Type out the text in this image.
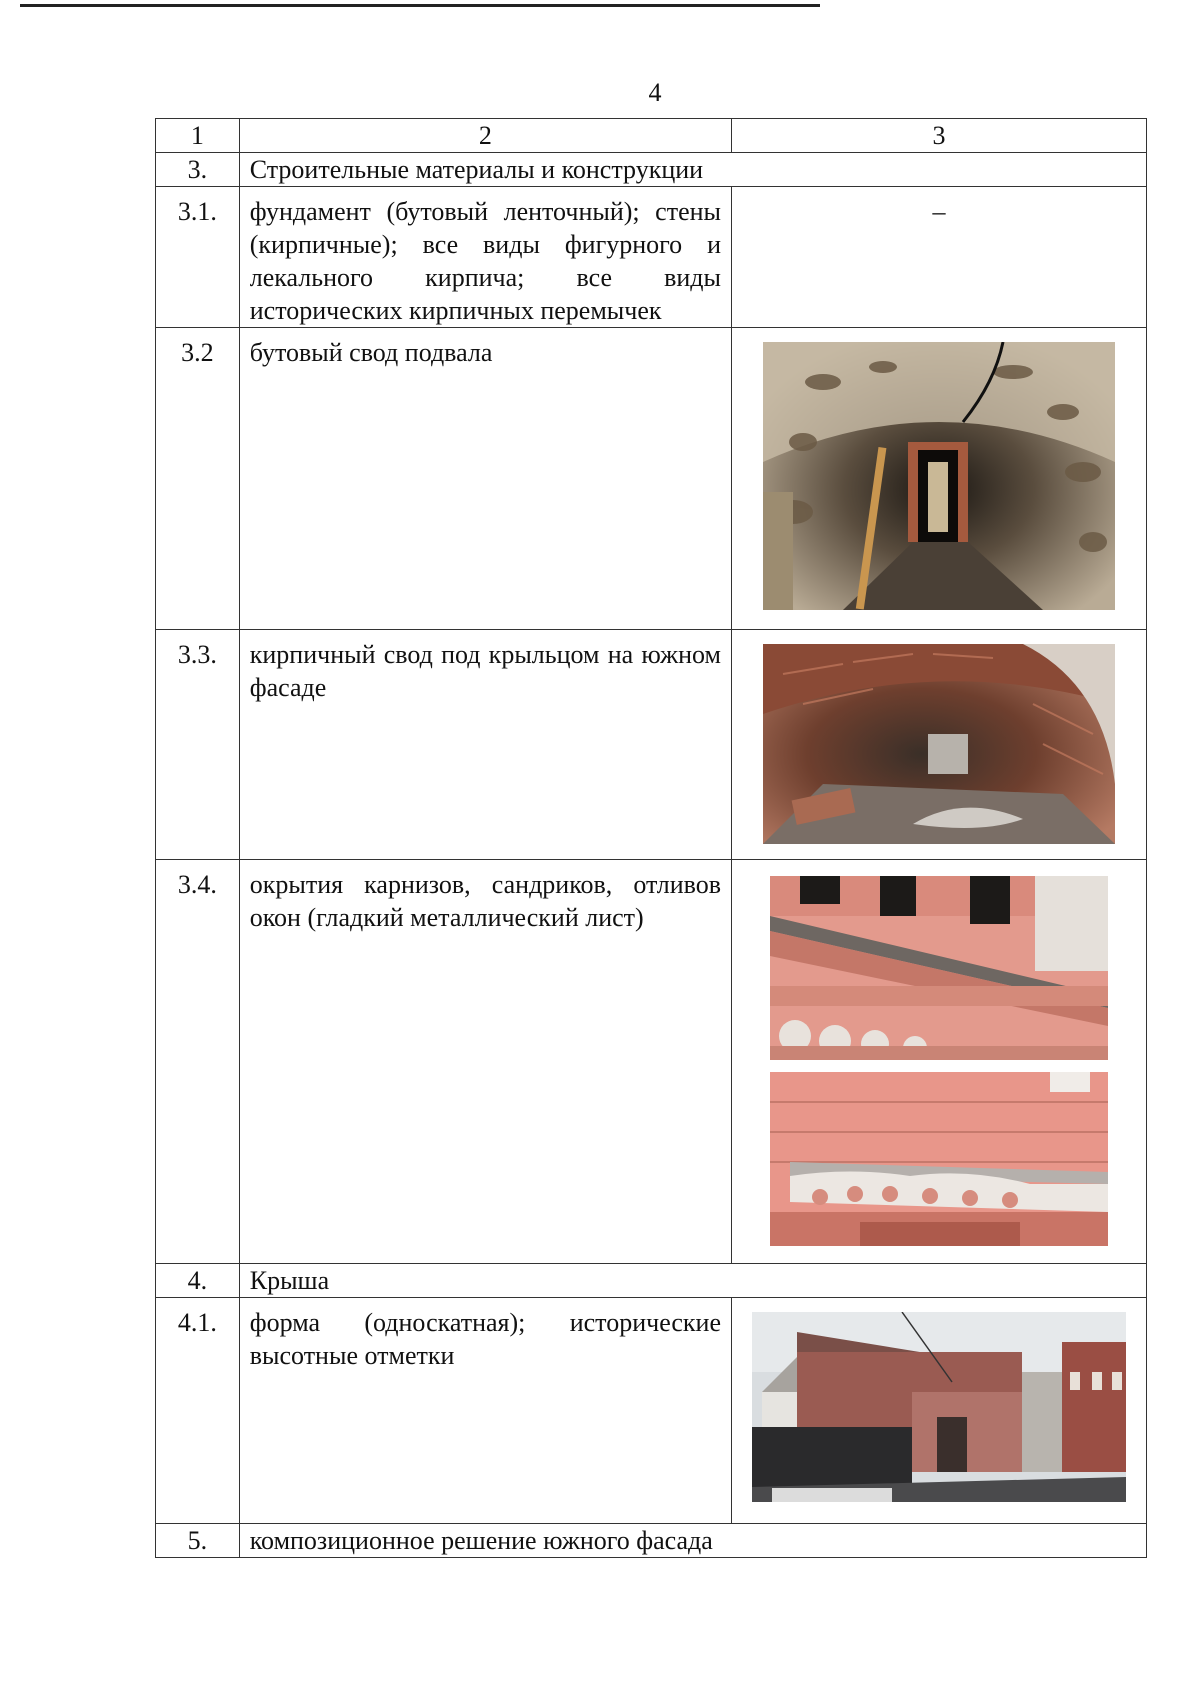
4
1	2	3
3.	Строительные материалы и конструкции	
3.1.	фундамент (бутовый ленточный); стены (кирпичные); все виды фигурного и лекального кирпича; все виды исторических кирпичных перемычек	–
3.2	бутовый свод подвала	

3.3.	кирпичный свод под крыльцом на южном фасаде	

3.4.	окрытия карнизов, сандриков, отливов окон (гладкий металлический лист)	

4.	Крыша	
4.1.	форма (односкатная); исторические высотные отметки	

5.	композиционное решение южного фасада	
